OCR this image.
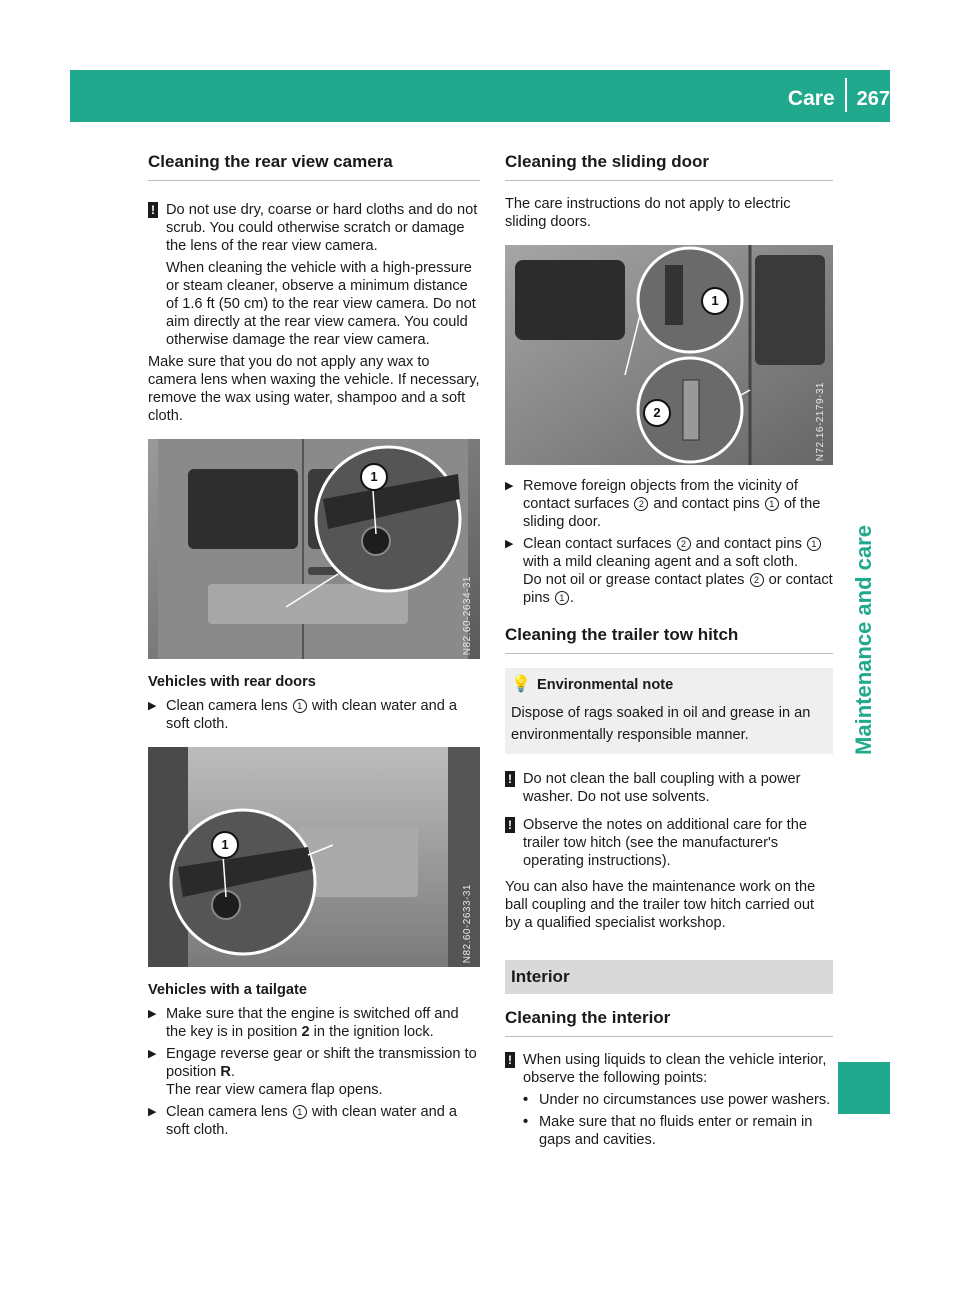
Care	267
Maintenance and care
Cleaning the rear view camera
! Do not use dry, coarse or hard cloths and do not scrub. You could otherwise scratch or damage the lens of the rear view camera.
When cleaning the vehicle with a high-pressure or steam cleaner, observe a minimum distance of 1.6 ft (50 cm) to the rear view camera. Do not aim directly at the rear view camera. You could otherwise damage the rear view camera.

Make sure that you do not apply any wax to camera lens when waxing the vehicle. If necessary, remove the wax using water, shampoo and a soft cloth.

1
N82.60-2634-31
Vehicles with rear doors
▶ Clean camera lens 1 with clean water and a soft cloth.
1
N82.60-2633-31
Vehicles with a tailgate
▶ Make sure that the engine is switched off and the key is in position 2 in the ignition lock.
▶ Engage reverse gear or shift the transmission to position R.
The rear view camera flap opens.
▶ Clean camera lens 1 with clean water and a soft cloth.
Cleaning the sliding door

The care instructions do not apply to electric sliding doors.

1
2	N72.16-2179-31
▶ Remove foreign objects from the vicinity of contact surfaces 2 and contact pins 1 of the sliding door.
▶ Clean contact surfaces 2 and contact pins 1 with a mild cleaning agent and a soft cloth.
Do not oil or grease contact plates 2 or contact pins 1 .
Cleaning the trailer tow hitch
💡 Environmental note
Dispose of rags soaked in oil and grease in an environmentally responsible manner.
! Do not clean the ball coupling with a power washer. Do not use solvents.
! Observe the notes on additional care for the trailer tow hitch (see the manufacturer's operating instructions).

You can also have the maintenance work on the ball coupling and the trailer tow hitch carried out by a qualified specialist workshop.

Interior
Cleaning the interior
! When using liquids to clean the vehicle interior, observe the following points:
• Under no circumstances use power washers.
• Make sure that no fluids enter or remain in gaps and cavities.
